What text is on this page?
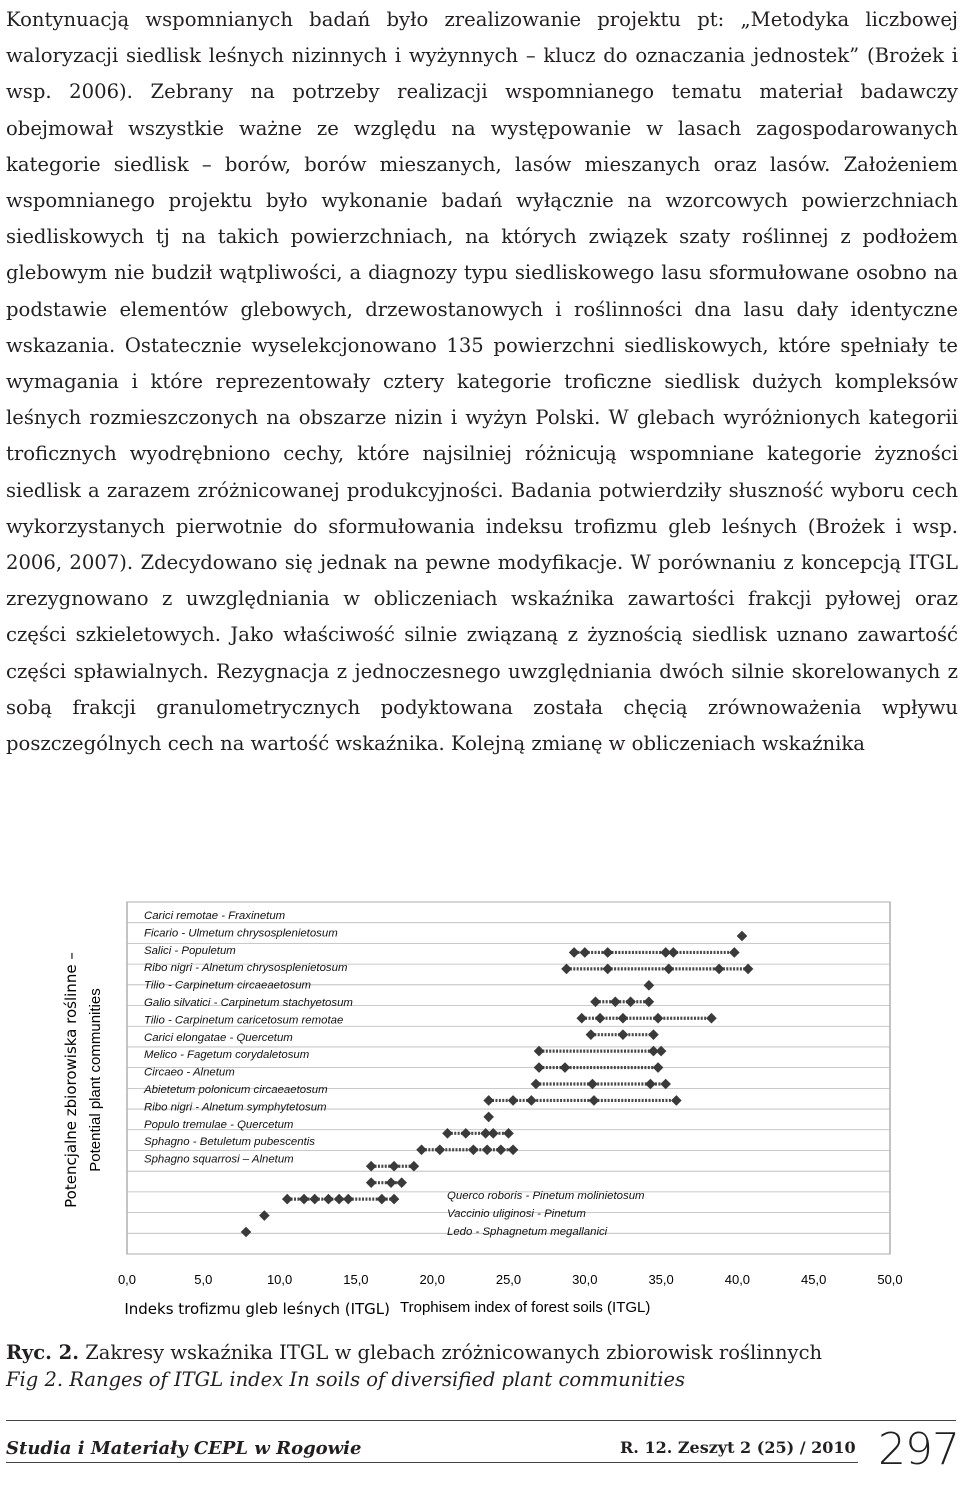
Kontynuacją wspomnianych badań było zrealizowanie projektu pt: „Metodyka liczbowej waloryzacji siedlisk leśnych nizinnych i wyżynnych – klucz do oznaczania jednostek” (Brożek i wsp. 2006). Zebrany na potrzeby realizacji wspomnianego tematu materiał badawczy obejmował wszystkie ważne ze względu na występowanie w lasach zagospodarowanych kategorie siedlisk – borów, borów mieszanych, lasów mieszanych oraz lasów. Założeniem wspomnianego projektu było wykonanie badań wyłącznie na wzorcowych powierzchniach siedliskowych tj na takich powierzchniach, na których związek szaty roślinnej z podłożem glebowym nie budził wątpliwości, a diagnozy typu siedliskowego lasu sformułowane osobno na podstawie elementów glebowych, drzewostanowych i roślinności dna lasu dały identyczne wskazania. Ostatecznie wyselekcjonowano 135 powierzchni siedliskowych, które spełniały te wymagania i które reprezentowały cztery kategorie troficzne siedlisk dużych kompleksów leśnych rozmieszczonych na obszarze nizin i wyżyn Polski. W glebach wyróżnionych kategorii troficznych wyodrębniono cechy, które najsilniej różnicują wspomniane kategorie żyzności siedlisk a zarazem zróżnicowanej produkcyjności. Badania potwierdziły słuszność wyboru cech wykorzystanych pierwotnie do sformułowania indeksu trofizmu gleb leśnych (Brożek i wsp. 2006, 2007). Zdecydowano się jednak na pewne modyfikacje. W porównaniu z koncepcją ITGL zrezygnowano z uwzględniania w obliczeniach wskaźnika zawartości frakcji pyłowej oraz części szkieletowych. Jako właściwość silnie związaną z żyznością siedlisk uznano zawartość części spławialnych. Rezygnacja z jednoczesnego uwzględniania dwóch silnie skorelowanych z sobą frakcji granulometrycznych podyktowana została chęcią zrównoważenia wpływu poszczególnych cech na wartość wskaźnika. Kolejną zmianę w obliczeniach wskaźnika

0,0	5,0	10,0	15,0	20,0	25,0	30,0	35,0	40,0	45,0	50,0
Indeks trofizmu gleb leśnych (ITGL) Trophisem index of forest soils (ITGL)
Potencjalne zbiorowiska roślinne – Potential plant communities
Carici remotae - Fraxinetum
Ficario - Ulmetum chrysosplenietosum
Salici - Populetum
Ribo nigri - Alnetum chrysosplenietosum
Tilio - Carpinetum circaeaetosum
Galio silvatici - Carpinetum stachyetosum
Tilio - Carpinetum caricetosum remotae
Carici elongatae - Quercetum
Melico - Fagetum corydaletosum
Circaeo - Alnetum
Abietetum polonicum circaeaetosum
Ribo nigri - Alnetum symphytetosum
Populo tremulae - Quercetum
Sphagno - Betuletum pubescentis
Sphagno squarrosi – Alnetum
Querco roboris - Pinetum molinietosum
Vaccinio uliginosi - Pinetum
Ledo - Sphagnetum megallanici
Ryc. 2. Zakresy wskaźnika ITGL w glebach zróżnicowanych zbiorowisk roślinnych
Fig 2. Ranges of ITGL index In soils of diversified plant communities
Studia i Materiały CEPL w Rogowie	R. 12. Zeszyt 2 (25) / 2010 297
